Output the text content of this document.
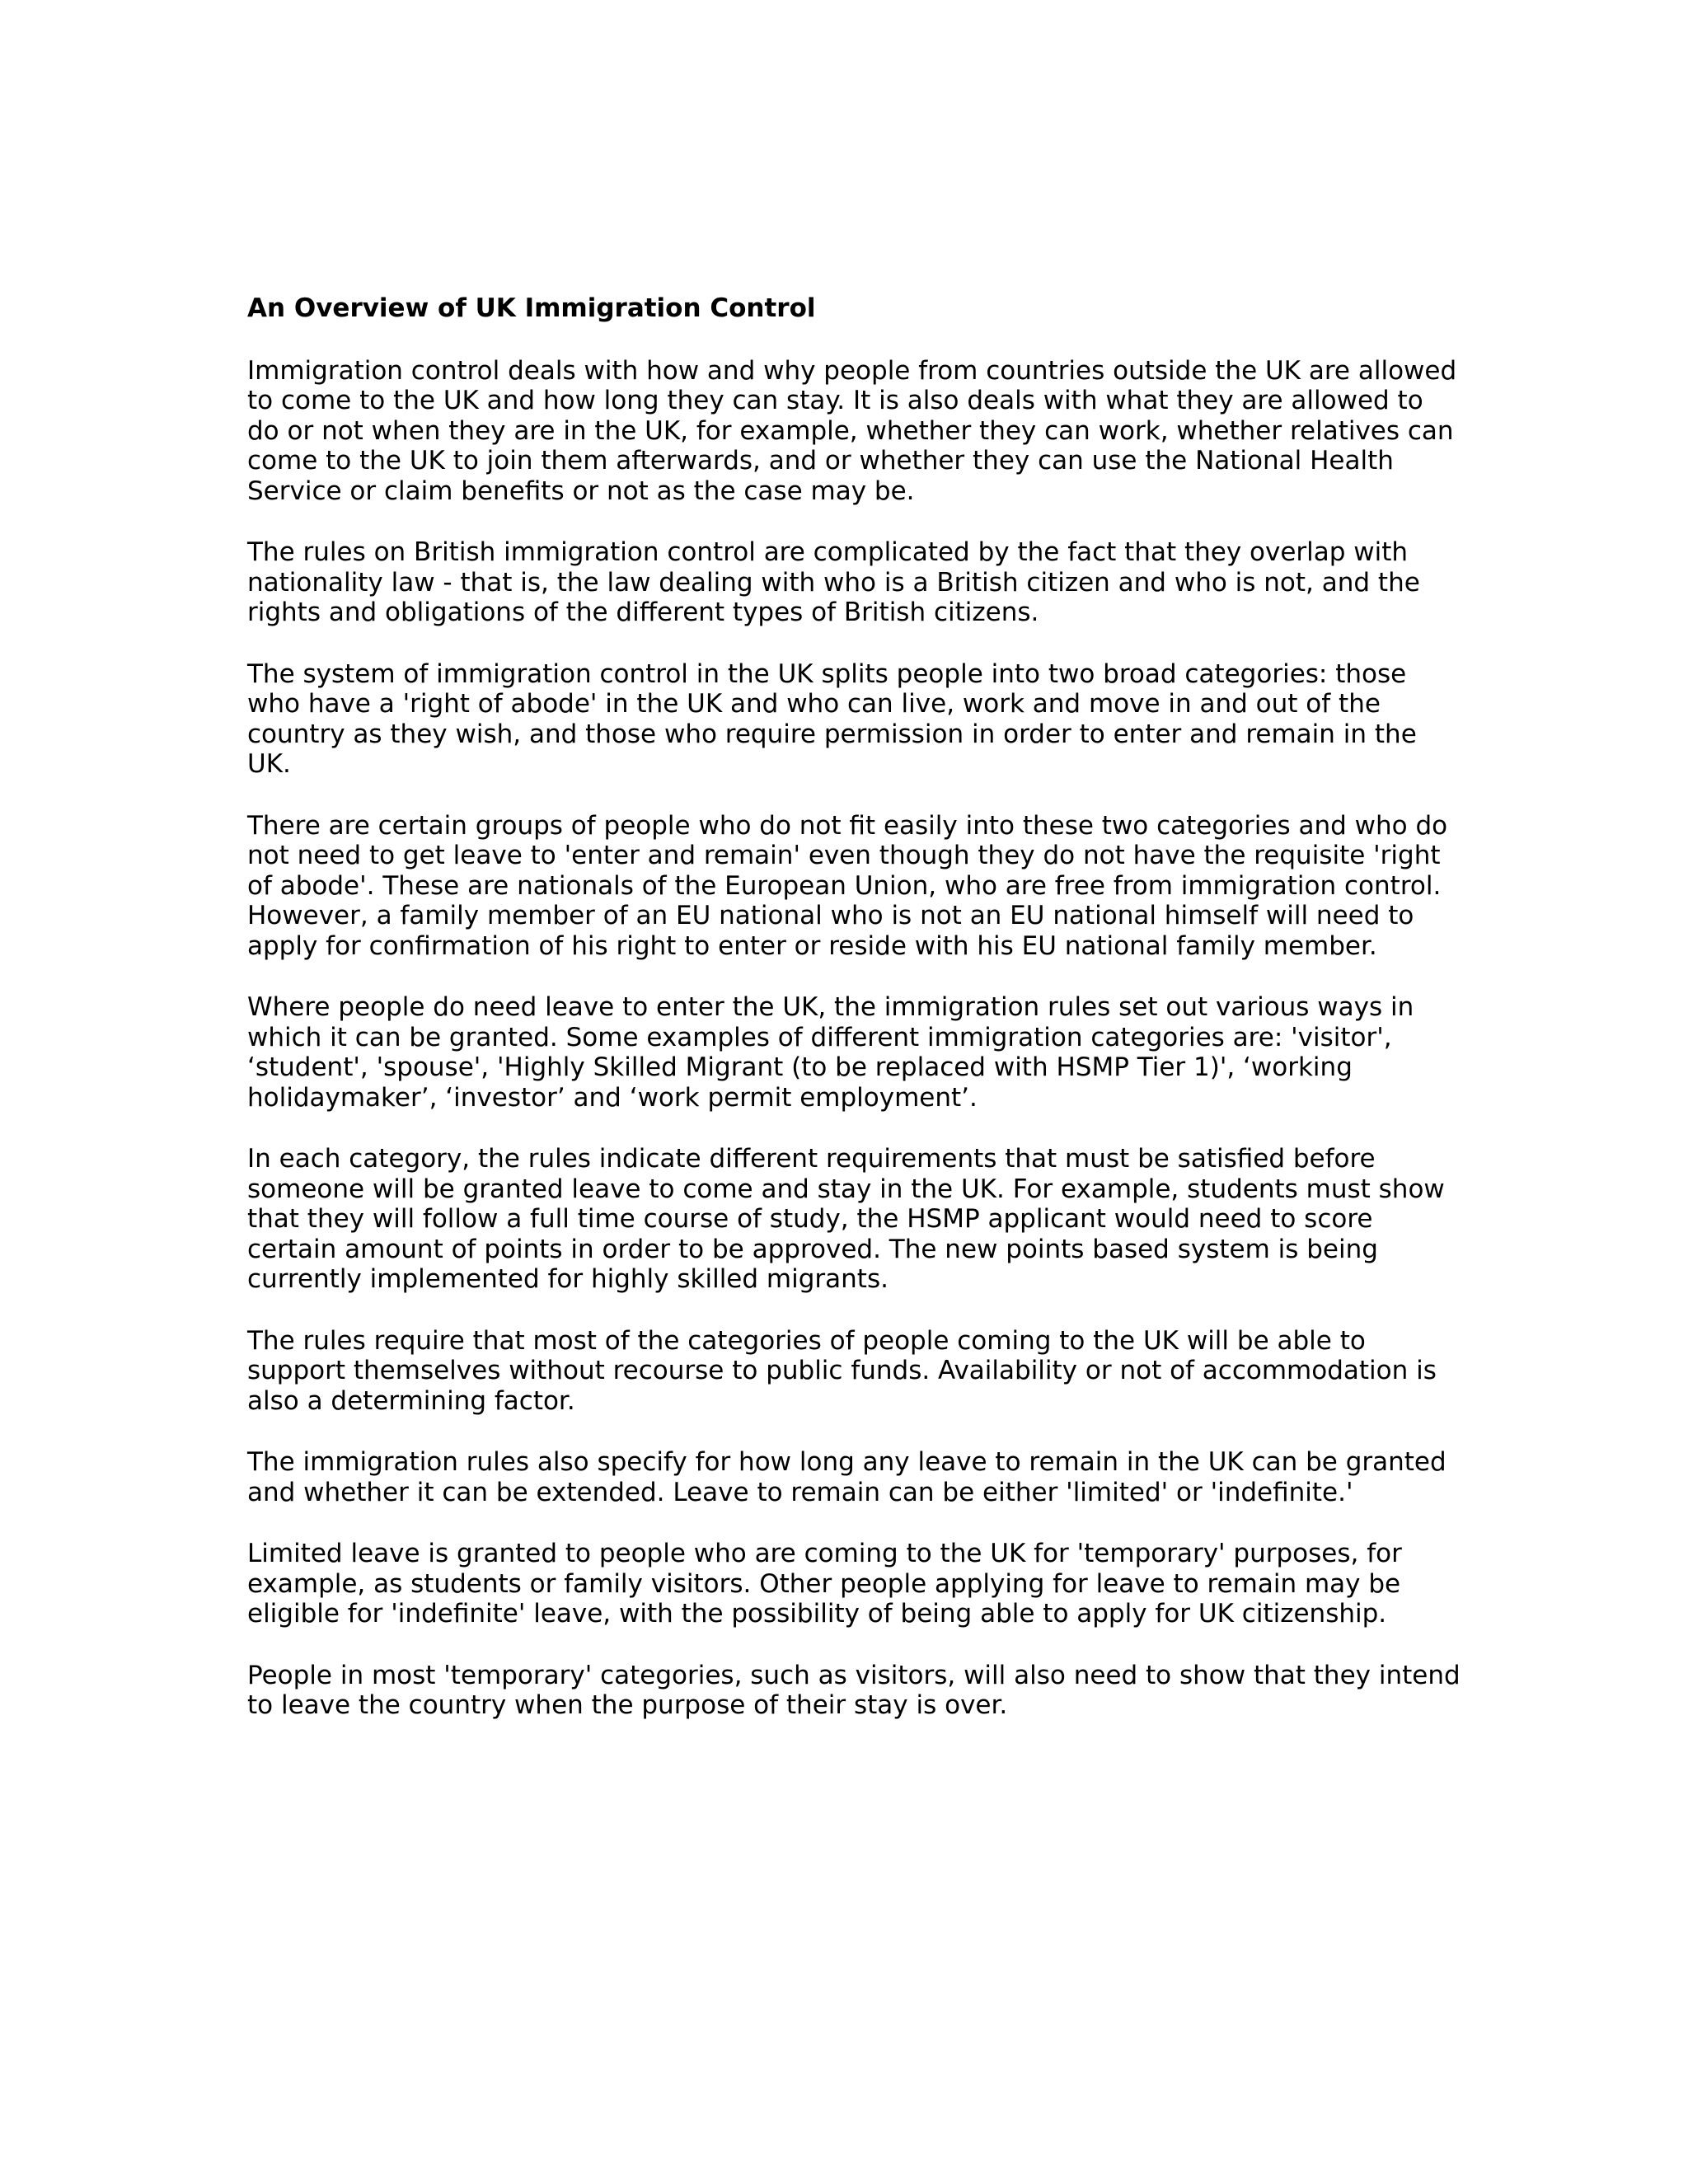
An Overview of UK Immigration Control

Immigration control deals with how and why people from countries outside the UK are allowed
to come to the UK and how long they can stay. It is also deals with what they are allowed to
do or not when they are in the UK, for example, whether they can work, whether relatives can
come to the UK to join them afterwards, and or whether they can use the National Health
Service or claim benefits or not as the case may be.

The rules on British immigration control are complicated by the fact that they overlap with
nationality law - that is, the law dealing with who is a British citizen and who is not, and the
rights and obligations of the different types of British citizens.

The system of immigration control in the UK splits people into two broad categories: those
who have a 'right of abode' in the UK and who can live, work and move in and out of the
country as they wish, and those who require permission in order to enter and remain in the
UK.

There are certain groups of people who do not fit easily into these two categories and who do
not need to get leave to 'enter and remain' even though they do not have the requisite 'right
of abode'. These are nationals of the European Union, who are free from immigration control.
However, a family member of an EU national who is not an EU national himself will need to
apply for confirmation of his right to enter or reside with his EU national family member.

Where people do need leave to enter the UK, the immigration rules set out various ways in
which it can be granted. Some examples of different immigration categories are: 'visitor',
‘student', 'spouse', 'Highly Skilled Migrant (to be replaced with HSMP Tier 1)', ‘working
holidaymaker’, ‘investor’ and ‘work permit employment’.

In each category, the rules indicate different requirements that must be satisfied before
someone will be granted leave to come and stay in the UK. For example, students must show
that they will follow a full time course of study, the HSMP applicant would need to score
certain amount of points in order to be approved. The new points based system is being
currently implemented for highly skilled migrants.

The rules require that most of the categories of people coming to the UK will be able to
support themselves without recourse to public funds. Availability or not of accommodation is
also a determining factor.

The immigration rules also specify for how long any leave to remain in the UK can be granted
and whether it can be extended. Leave to remain can be either 'limited' or 'indefinite.'

Limited leave is granted to people who are coming to the UK for 'temporary' purposes, for
example, as students or family visitors. Other people applying for leave to remain may be
eligible for 'indefinite' leave, with the possibility of being able to apply for UK citizenship.

People in most 'temporary' categories, such as visitors, will also need to show that they intend
to leave the country when the purpose of their stay is over.
